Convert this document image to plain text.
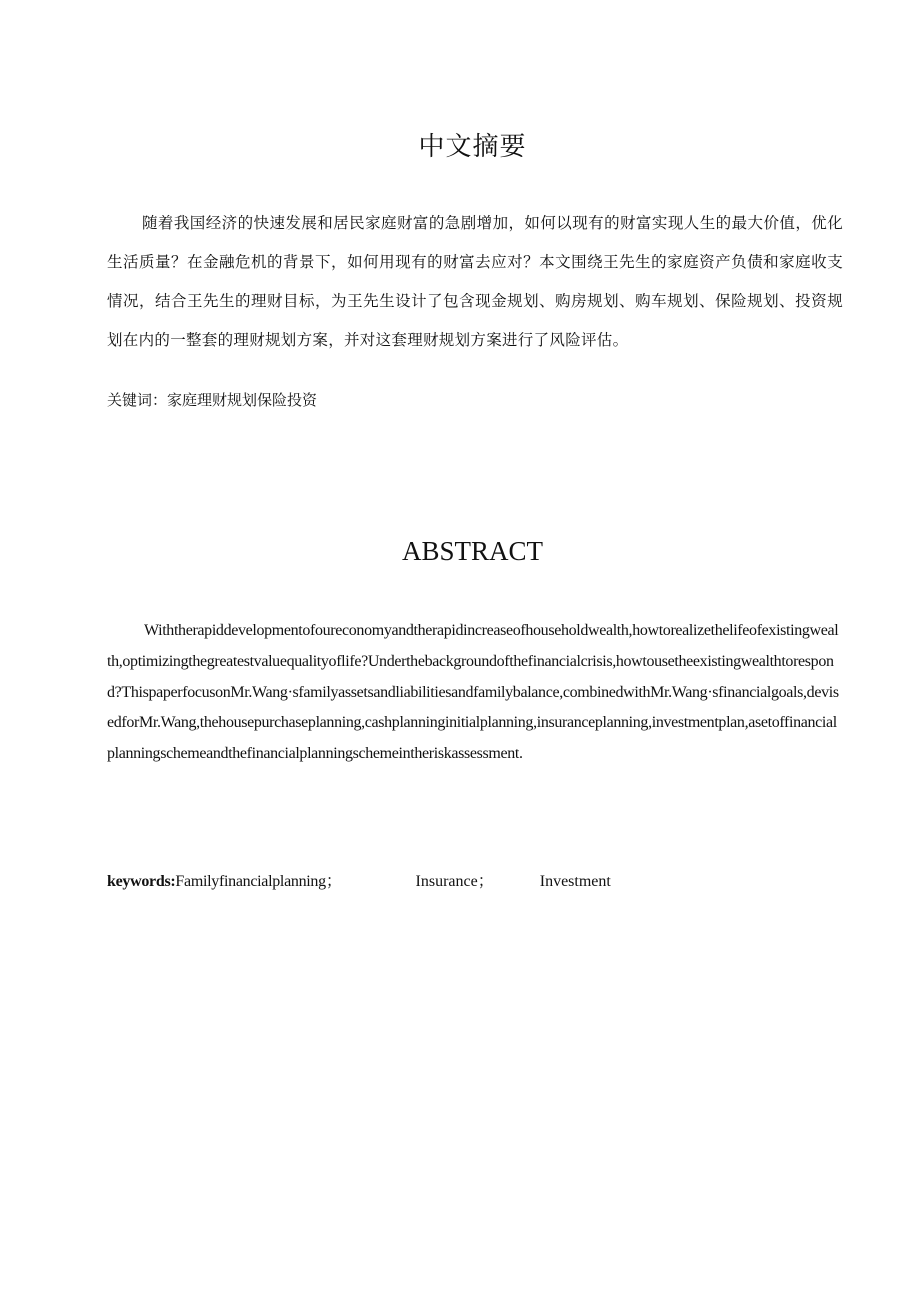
中文摘要
随着我国经济的快速发展和居民家庭财富的急剧增加，如何以现有的财富实现人生的最大价值，优化生活质量？在金融危机的背景下，如何用现有的财富去应对？本文围绕王先生的家庭资产负债和家庭收支情况，结合王先生的理财目标，为王先生设计了包含现金规划、购房规划、购车规划、保险规划、投资规划在内的一整套的理财规划方案，并对这套理财规划方案进行了风险评估。
关键词：家庭理财规划保险投资
ABSTRACT
Withtherapiddevelopmentofoureconomyandtherapidincreaseofhouseholdwealth,howtorealizethelifeofexistingwealth,optimizingthegreatestvaluequalityoflife?Underthebackgroundofthefinancialcrisis,howtousetheexistingwealthtorespond?ThispaperfocusonMr.Wang·sfamilyassetsandliabilitiesandfamilybalance,combinedwithMr.Wang·sfinancialgoals,devisedforMr.Wang,thehousepurchaseplanning,cashplanninginitialplanning,insuranceplanning,investmentplan,asetoffinancialplanningschemeandthefinancialplanningschemeintheriskassessment.
keywords:Familyfinancialplanning；	Insurance；	Investment
